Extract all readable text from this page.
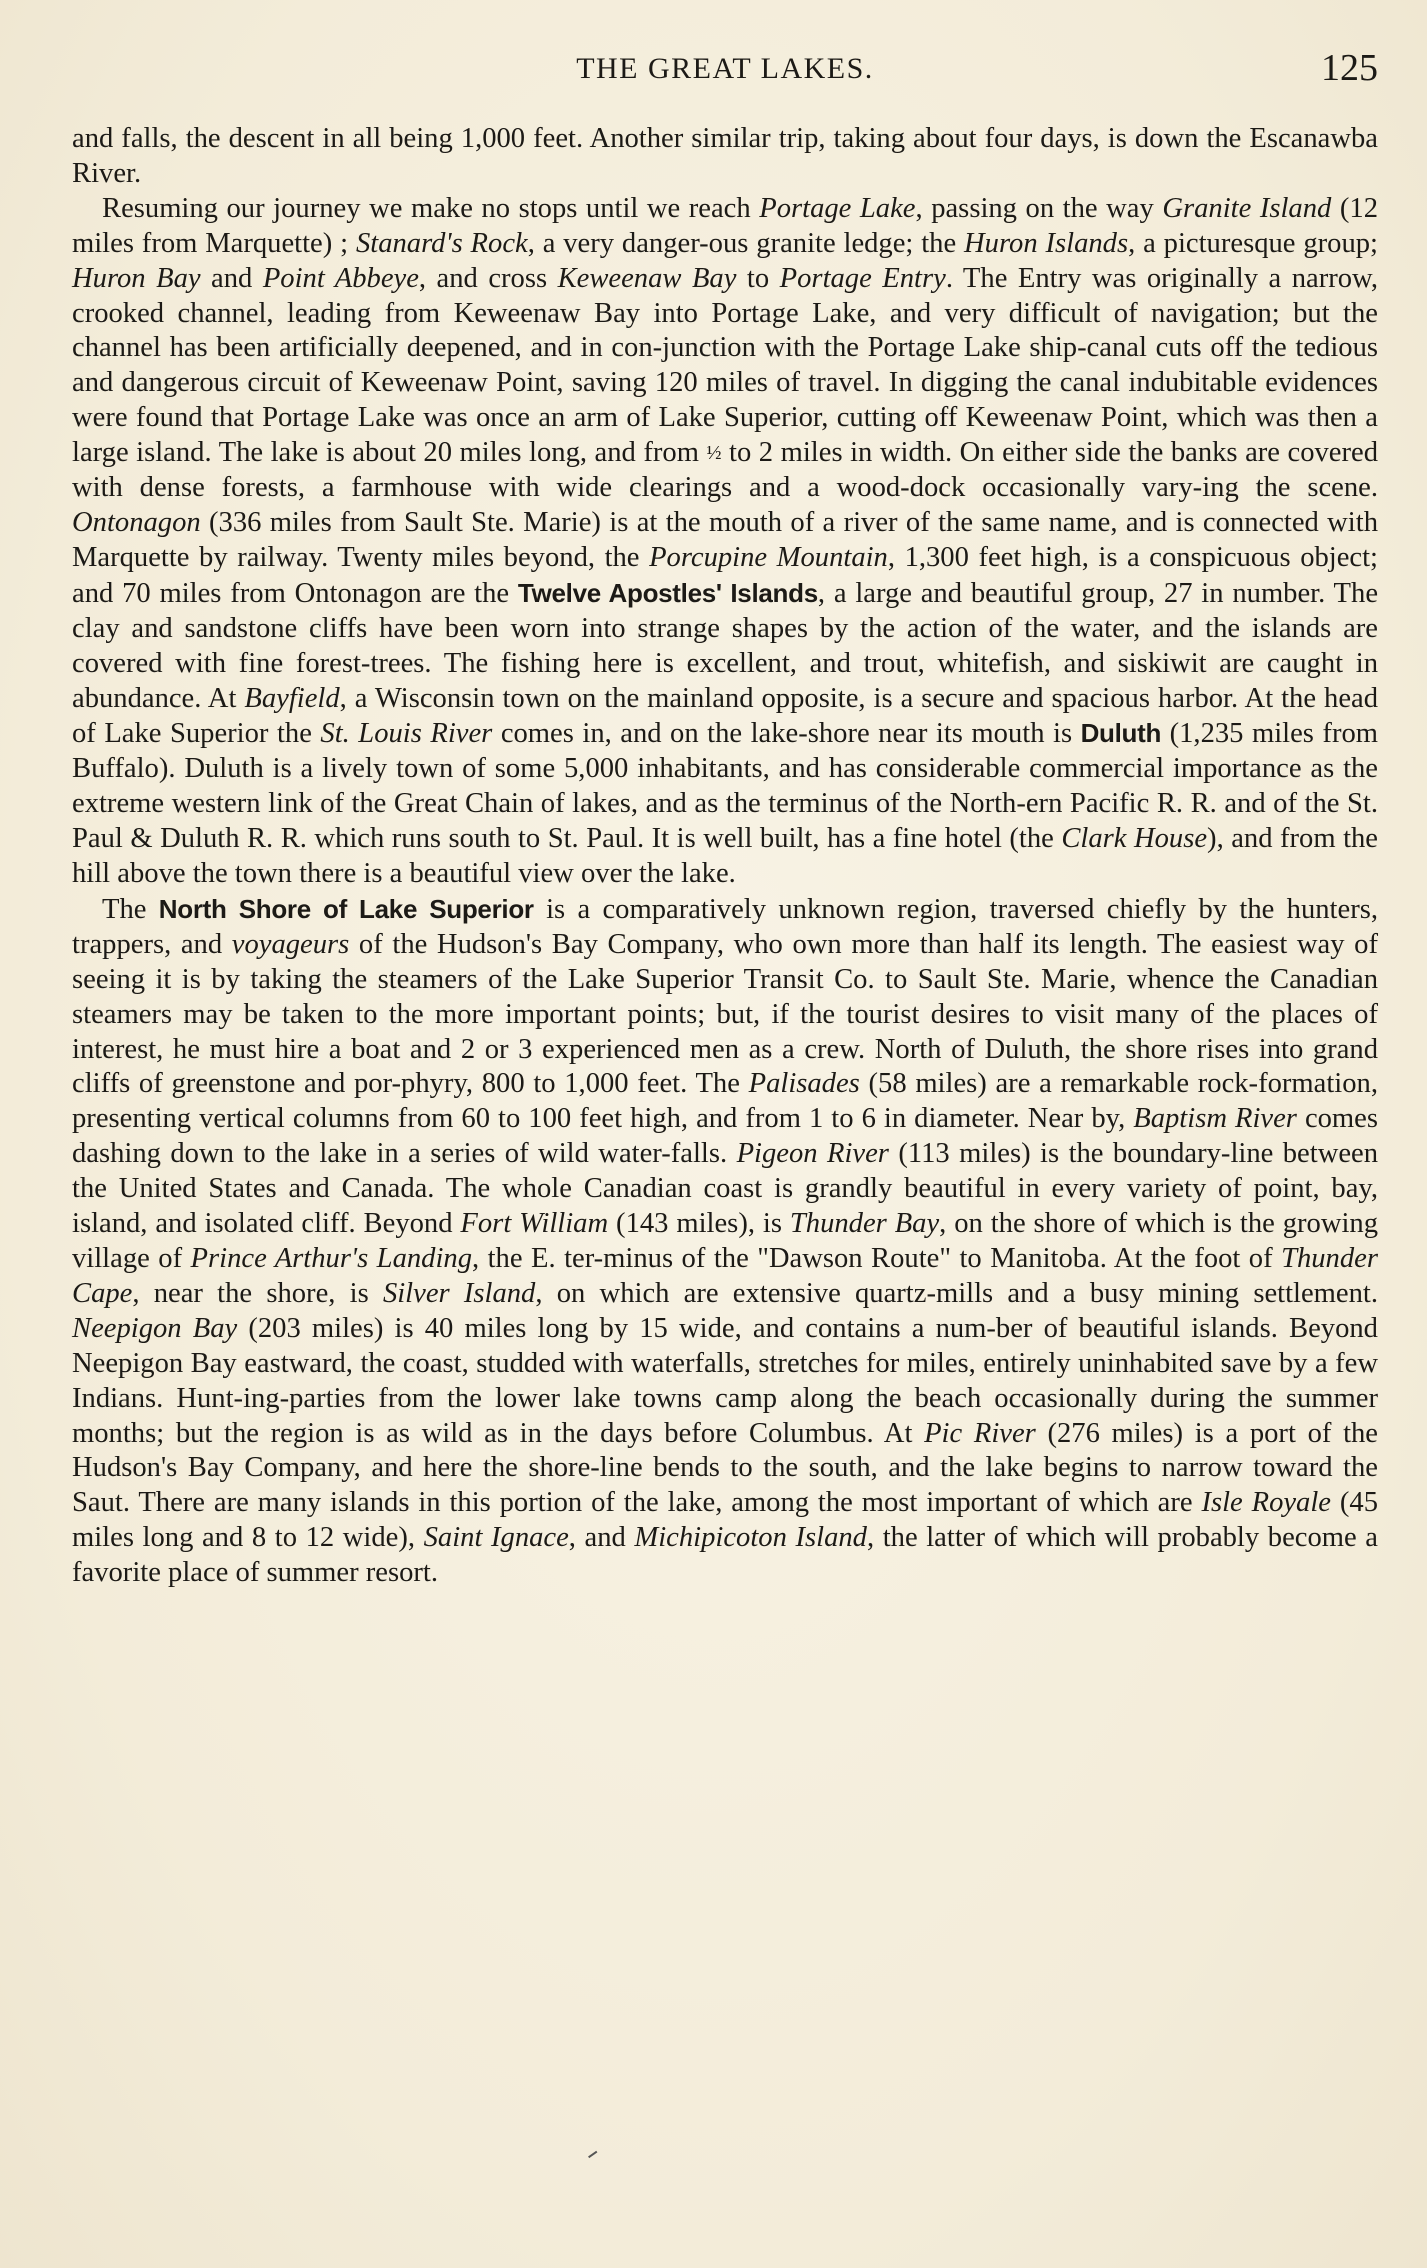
THE GREAT LAKES.	125

and falls, the descent in all being 1,000 feet. Another similar trip, taking about four days, is down the Escanawba River.

Resuming our journey we make no stops until we reach Portage Lake, passing on the way Granite Island (12 miles from Marquette) ; Stanard's Rock, a very danger-ous granite ledge; the Huron Islands, a picturesque group; Huron Bay and Point Abbeye, and cross Keweenaw Bay to Portage Entry. The Entry was originally a narrow, crooked channel, leading from Keweenaw Bay into Portage Lake, and very difficult of navigation; but the channel has been artificially deepened, and in con-junction with the Portage Lake ship-canal cuts off the tedious and dangerous circuit of Keweenaw Point, saving 120 miles of travel. In digging the canal indubitable evidences were found that Portage Lake was once an arm of Lake Superior, cutting off Keweenaw Point, which was then a large island. The lake is about 20 miles long, and from ½ to 2 miles in width. On either side the banks are covered with dense forests, a farmhouse with wide clearings and a wood-dock occasionally vary-ing the scene. Ontonagon (336 miles from Sault Ste. Marie) is at the mouth of a river of the same name, and is connected with Marquette by railway. Twenty miles beyond, the Porcupine Mountain, 1,300 feet high, is a conspicuous object; and 70 miles from Ontonagon are the Twelve Apostles' Islands, a large and beautiful group, 27 in number. The clay and sandstone cliffs have been worn into strange shapes by the action of the water, and the islands are covered with fine forest-trees. The fishing here is excellent, and trout, whitefish, and siskiwit are caught in abundance. At Bayfield, a Wisconsin town on the mainland opposite, is a secure and spacious harbor. At the head of Lake Superior the St. Louis River comes in, and on the lake-shore near its mouth is Duluth (1,235 miles from Buffalo). Duluth is a lively town of some 5,000 inhabitants, and has considerable commercial importance as the extreme western link of the Great Chain of lakes, and as the terminus of the North-ern Pacific R. R. and of the St. Paul & Duluth R. R. which runs south to St. Paul. It is well built, has a fine hotel (the Clark House), and from the hill above the town there is a beautiful view over the lake.

The North Shore of Lake Superior is a comparatively unknown region, traversed chiefly by the hunters, trappers, and voyageurs of the Hudson's Bay Company, who own more than half its length. The easiest way of seeing it is by taking the steamers of the Lake Superior Transit Co. to Sault Ste. Marie, whence the Canadian steamers may be taken to the more important points; but, if the tourist desires to visit many of the places of interest, he must hire a boat and 2 or 3 experienced men as a crew. North of Duluth, the shore rises into grand cliffs of greenstone and por-phyry, 800 to 1,000 feet. The Palisades (58 miles) are a remarkable rock-formation, presenting vertical columns from 60 to 100 feet high, and from 1 to 6 in diameter. Near by, Baptism River comes dashing down to the lake in a series of wild water-falls. Pigeon River (113 miles) is the boundary-line between the United States and Canada. The whole Canadian coast is grandly beautiful in every variety of point, bay, island, and isolated cliff. Beyond Fort William (143 miles), is Thunder Bay, on the shore of which is the growing village of Prince Arthur's Landing, the E. ter-minus of the "Dawson Route" to Manitoba. At the foot of Thunder Cape, near the shore, is Silver Island, on which are extensive quartz-mills and a busy mining settlement. Neepigon Bay (203 miles) is 40 miles long by 15 wide, and contains a num-ber of beautiful islands. Beyond Neepigon Bay eastward, the coast, studded with waterfalls, stretches for miles, entirely uninhabited save by a few Indians. Hunt-ing-parties from the lower lake towns camp along the beach occasionally during the summer months; but the region is as wild as in the days before Columbus. At Pic River (276 miles) is a port of the Hudson's Bay Company, and here the shore-line bends to the south, and the lake begins to narrow toward the Saut. There are many islands in this portion of the lake, among the most important of which are Isle Royale (45 miles long and 8 to 12 wide), Saint Ignace, and Michipicoton Island, the latter of which will probably become a favorite place of summer resort.
